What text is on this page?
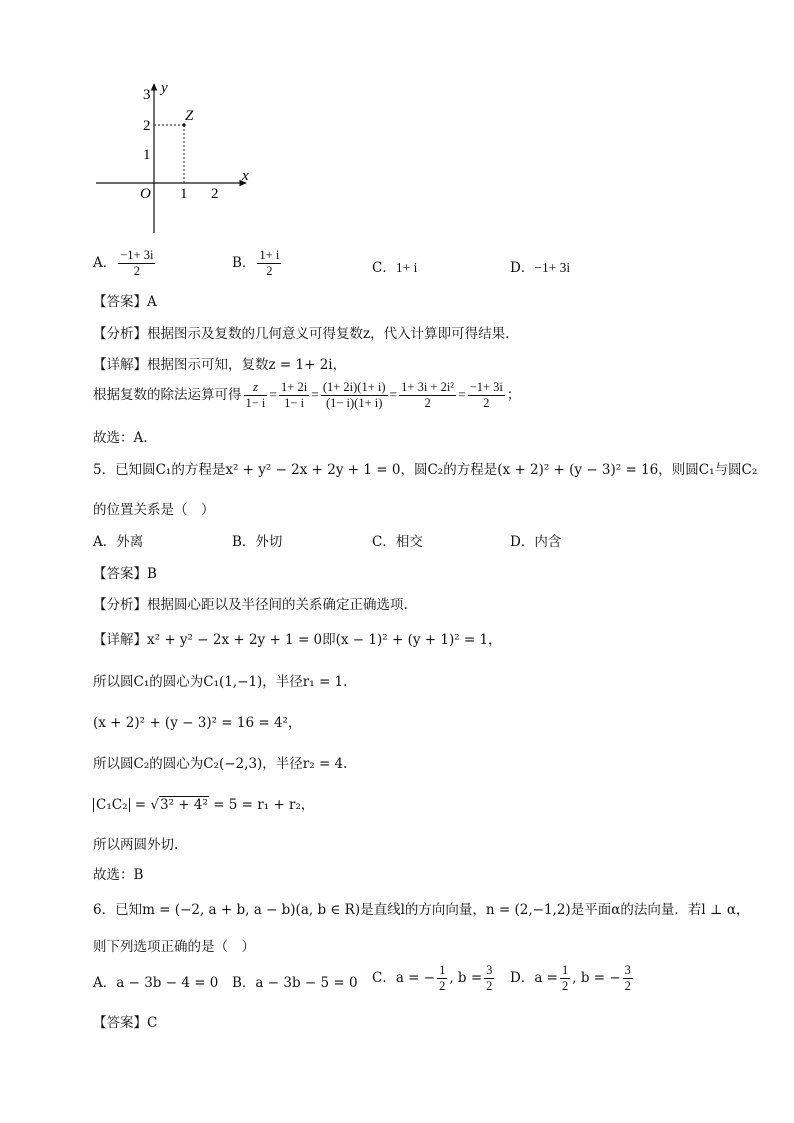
y
x
O
Z
1
2
3
1 2
A． $\frac{-1+ 3i}{2}$	B． $\frac{1+ i}{2}$	C．1+ i	D．−1+ 3i
【答案】A
【分析】根据图示及复数的几何意义可得复数z，代入计算即可得结果.
【详解】根据图示可知，复数z = 1+ 2i，
根据复数的除法运算可得 $\frac{z}{1- i} = \frac{1+ 2i}{1- i} = \frac{(1+ 2i)(1+ i)}{(1- i)(1+ i)} = \frac{\text{1+ 3i + 2i²}}{2} = \frac{-1+ 3i}{2}$ ；
故选：A.
5．已知圆C₁的方程是x² + y² − 2x + 2y + 1 = 0，圆C₂的方程是(x + 2)² + (y − 3)² = 16，则圆C₁与圆C₂
的位置关系是（　）
A．外离	B．外切	C．相交	D．内含
【答案】B
【分析】根据圆心距以及半径间的关系确定正确选项.
【详解】x² + y² − 2x + 2y + 1 = 0即(x − 1)² + (y + 1)² = 1，
所以圆C₁的圆心为C₁(1,−1)，半径r₁ = 1.
(x + 2)² + (y − 3)² = 16 = 4²，
所以圆C₂的圆心为C₂(−2,3)，半径r₂ = 4.
C₁C₂ = √3² + 4² = 5 = r₁ + r₂，
所以两圆外切.
故选：B
6．已知m = (−2, a + b, a − b)(a, b ∈ R)是直线l的方向向量，n = (2,−1,2)是平面α的法向量．若l ⊥ α，
则下列选项正确的是（　）
A．a − 3b − 4 = 0 B．a − 3b − 5 = 0 C．a = − $\frac{1}{2}$ , $b = \frac{3}{2}$ D．$a = \frac{1}{2}$ , b = − $\frac{3}{2}$
【答案】C
